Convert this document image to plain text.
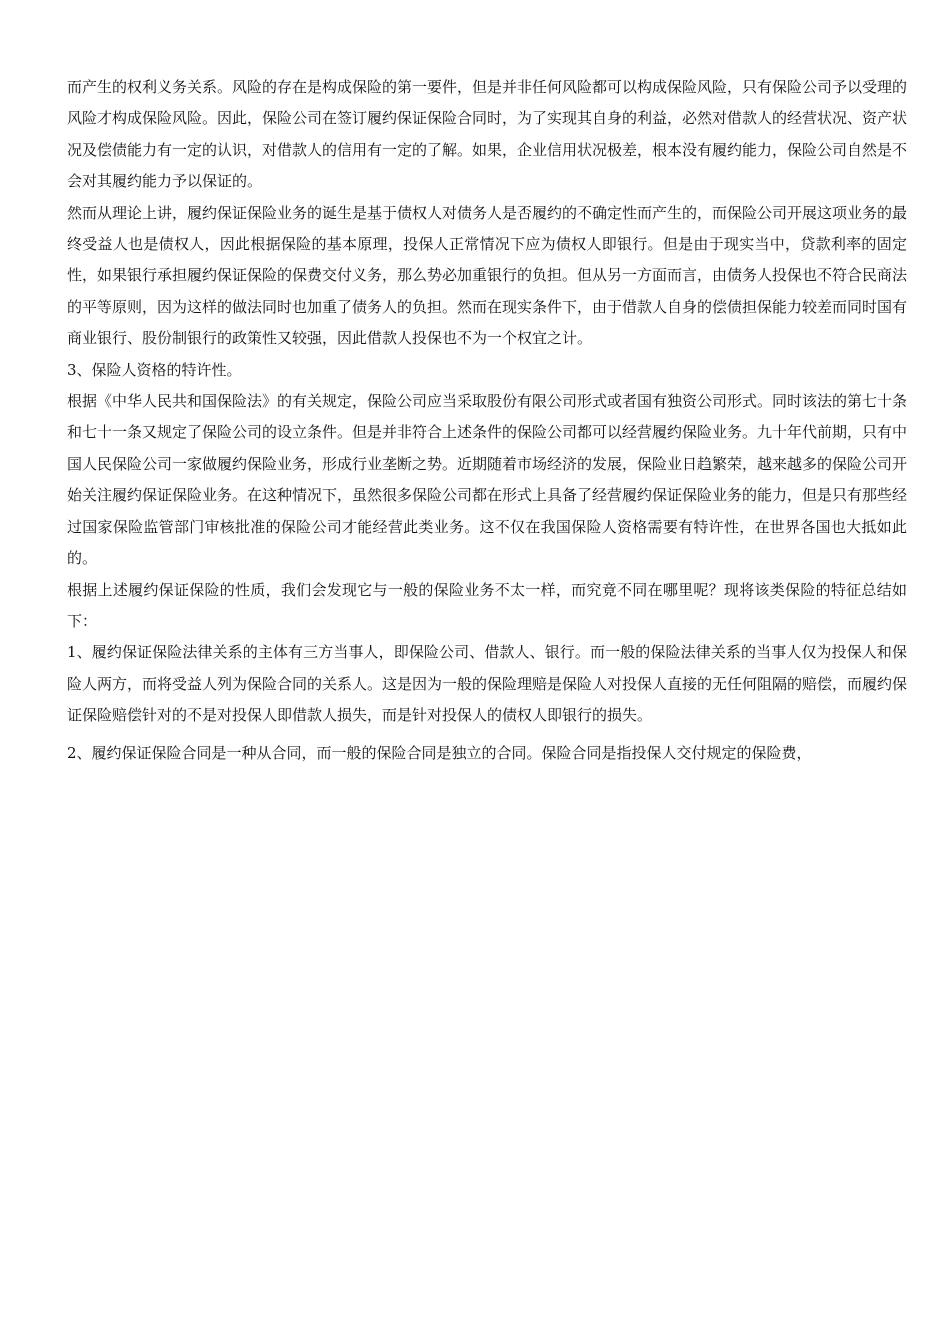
而产生的权利义务关系。风险的存在是构成保险的第一要件，但是并非任何风险都可以构成保险风险，只有保险公司予以受理的风险才构成保险风险。因此，保险公司在签订履约保证保险合同时，为了实现其自身的利益，必然对借款人的经营状况、资产状况及偿债能力有一定的认识，对借款人的信用有一定的了解。如果，企业信用状况极差，根本没有履约能力，保险公司自然是不会对其履约能力予以保证的。

然而从理论上讲，履约保证保险业务的诞生是基于债权人对债务人是否履约的不确定性而产生的，而保险公司开展这项业务的最终受益人也是债权人，因此根据保险的基本原理，投保人正常情况下应为债权人即银行。但是由于现实当中，贷款利率的固定性，如果银行承担履约保证保险的保费交付义务，那么势必加重银行的负担。但从另一方面而言，由债务人投保也不符合民商法的平等原则，因为这样的做法同时也加重了债务人的负担。然而在现实条件下，由于借款人自身的偿债担保能力较差而同时国有商业银行、股份制银行的政策性又较强，因此借款人投保也不为一个权宜之计。

3、保险人资格的特许性。

根据《中华人民共和国保险法》的有关规定，保险公司应当采取股份有限公司形式或者国有独资公司形式。同时该法的第七十条和七十一条又规定了保险公司的设立条件。但是并非符合上述条件的保险公司都可以经营履约保险业务。九十年代前期，只有中国人民保险公司一家做履约保险业务，形成行业垄断之势。近期随着市场经济的发展，保险业日趋繁荣，越来越多的保险公司开始关注履约保证保险业务。在这种情况下，虽然很多保险公司都在形式上具备了经营履约保证保险业务的能力，但是只有那些经过国家保险监管部门审核批准的保险公司才能经营此类业务。这不仅在我国保险人资格需要有特许性，在世界各国也大抵如此的。

根据上述履约保证保险的性质，我们会发现它与一般的保险业务不太一样，而究竟不同在哪里呢？现将该类保险的特征总结如下：

1、履约保证保险法律关系的主体有三方当事人，即保险公司、借款人、银行。而一般的保险法律关系的当事人仅为投保人和保险人两方，而将受益人列为保险合同的关系人。这是因为一般的保险理赔是保险人对投保人直接的无任何阻隔的赔偿，而履约保证保险赔偿针对的不是对投保人即借款人损失，而是针对投保人的债权人即银行的损失。

2、履约保证保险合同是一种从合同，而一般的保险合同是独立的合同。保险合同是指投保人交付规定的保险费，
